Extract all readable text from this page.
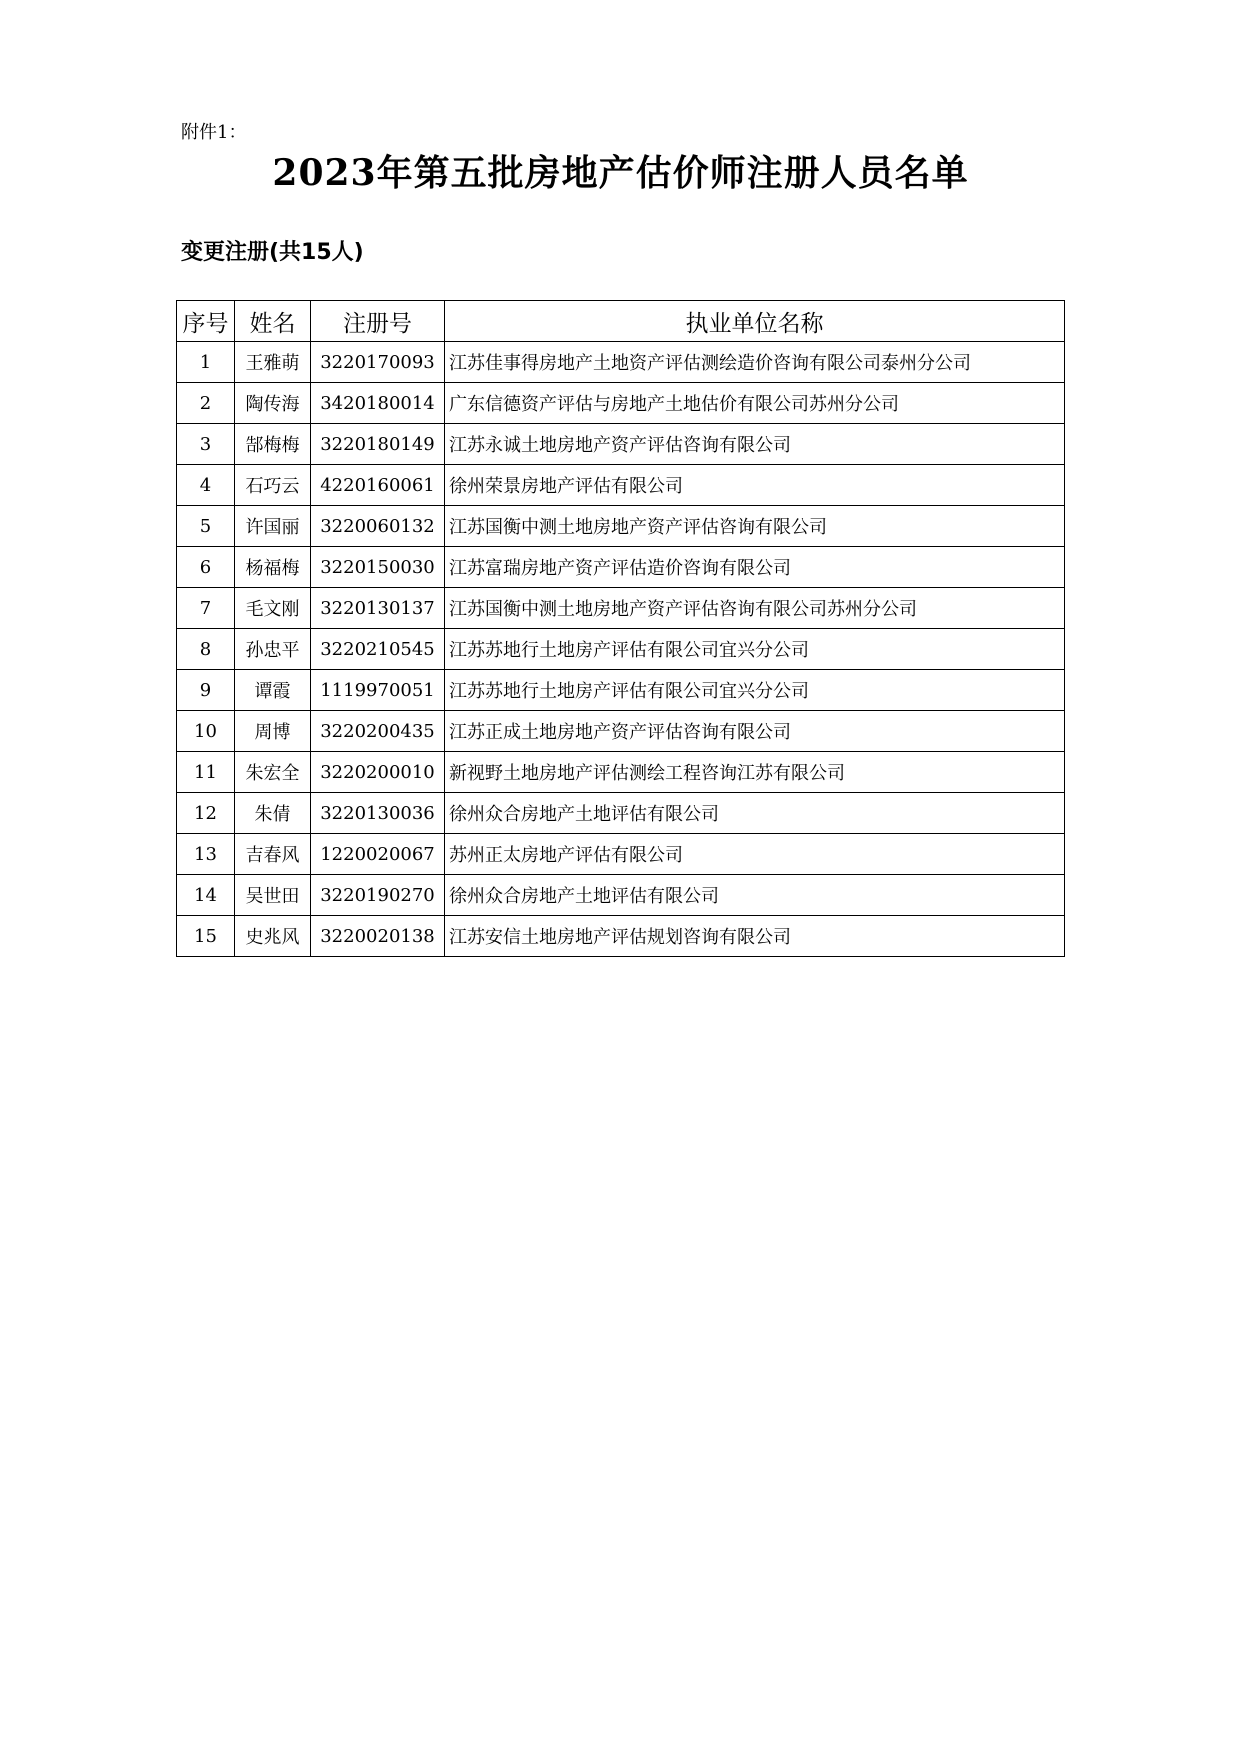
附件1：
2023年第五批房地产估价师注册人员名单
变更注册(共15人)
序号	姓名	注册号	执业单位名称
1	王雅萌	3220170093	江苏佳事得房地产土地资产评估测绘造价咨询有限公司泰州分公司
2	陶传海	3420180014	广东信德资产评估与房地产土地估价有限公司苏州分公司
3	郜梅梅	3220180149	江苏永诚土地房地产资产评估咨询有限公司
4	石巧云	4220160061	徐州荣景房地产评估有限公司
5	许国丽	3220060132	江苏国衡中测土地房地产资产评估咨询有限公司
6	杨福梅	3220150030	江苏富瑞房地产资产评估造价咨询有限公司
7	毛文刚	3220130137	江苏国衡中测土地房地产资产评估咨询有限公司苏州分公司
8	孙忠平	3220210545	江苏苏地行土地房产评估有限公司宜兴分公司
9	谭霞	1119970051	江苏苏地行土地房产评估有限公司宜兴分公司
10	周博	3220200435	江苏正成土地房地产资产评估咨询有限公司
11	朱宏全	3220200010	新视野土地房地产评估测绘工程咨询江苏有限公司
12	朱倩	3220130036	徐州众合房地产土地评估有限公司
13	吉春风	1220020067	苏州正太房地产评估有限公司
14	吴世田	3220190270	徐州众合房地产土地评估有限公司
15	史兆风	3220020138	江苏安信土地房地产评估规划咨询有限公司
